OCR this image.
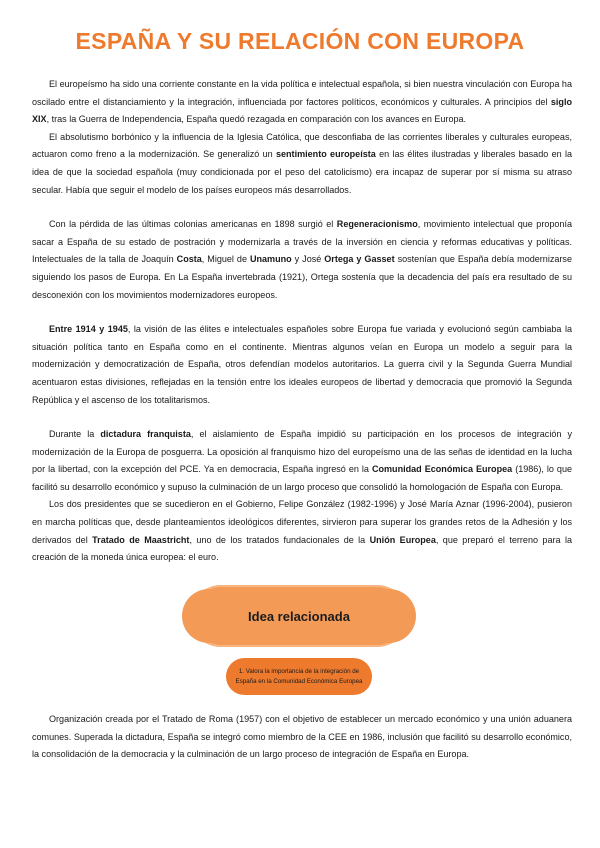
ESPAÑA Y SU RELACIÓN CON EUROPA

El europeísmo ha sido una corriente constante en la vida política e intelectual española, si bien nuestra vinculación con Europa ha oscilado entre el distanciamiento y la integración, influenciada por factores políticos, económicos y culturales. A principios del siglo XIX, tras la Guerra de Independencia, España quedó rezagada en comparación con los avances en Europa.

El absolutismo borbónico y la influencia de la Iglesia Católica, que desconfiaba de las corrientes liberales y culturales europeas, actuaron como freno a la modernización. Se generalizó un sentimiento europeísta en las élites ilustradas y liberales basado en la idea de que la sociedad española (muy condicionada por el peso del catolicismo) era incapaz de superar por sí misma su atraso secular. Había que seguir el modelo de los países europeos más desarrollados.

Con la pérdida de las últimas colonias americanas en 1898 surgió el Regeneracionismo, movimiento intelectual que proponía sacar a España de su estado de postración y modernizarla a través de la inversión en ciencia y reformas educativas y políticas. Intelectuales de la talla de Joaquín Costa, Miguel de Unamuno y José Ortega y Gasset sostenían que España debía modernizarse siguiendo los pasos de Europa. En La España invertebrada (1921), Ortega sostenía que la decadencia del país era resultado de su desconexión con los movimientos modernizadores europeos.

Entre 1914 y 1945, la visión de las élites e intelectuales españoles sobre Europa fue variada y evolucionó según cambiaba la situación política tanto en España como en el continente. Mientras algunos veían en Europa un modelo a seguir para la modernización y democratización de España, otros defendían modelos autoritarios. La guerra civil y la Segunda Guerra Mundial acentuaron estas divisiones, reflejadas en la tensión entre los ideales europeos de libertad y democracia que promovió la Segunda República y el ascenso de los totalitarismos.

Durante la dictadura franquista, el aislamiento de España impidió su participación en los procesos de integración y modernización de la Europa de posguerra. La oposición al franquismo hizo del europeísmo una de las señas de identidad en la lucha por la libertad, con la excepción del PCE. Ya en democracia, España ingresó en la Comunidad Económica Europea (1986), lo que facilitó su desarrollo económico y supuso la culminación de un largo proceso que consolidó la homologación de España con Europa.

Los dos presidentes que se sucedieron en el Gobierno, Felipe González (1982-1996) y José María Aznar (1996-2004), pusieron en marcha políticas que, desde planteamientos ideológicos diferentes, sirvieron para superar los grandes retos de la Adhesión y los derivados del Tratado de Maastricht, uno de los tratados fundacionales de la Unión Europea, que preparó el terreno para la creación de la moneda única europea: el euro.

Idea relacionada
1. Valora la importancia de la integración de España en la Comunidad Económica Europea

Organización creada por el Tratado de Roma (1957) con el objetivo de establecer un mercado económico y una unión aduanera comunes. Superada la dictadura, España se integró como miembro de la CEE en 1986, inclusión que facilitó su desarrollo económico, la consolidación de la democracia y la culminación de un largo proceso de integración de España en Europa.
